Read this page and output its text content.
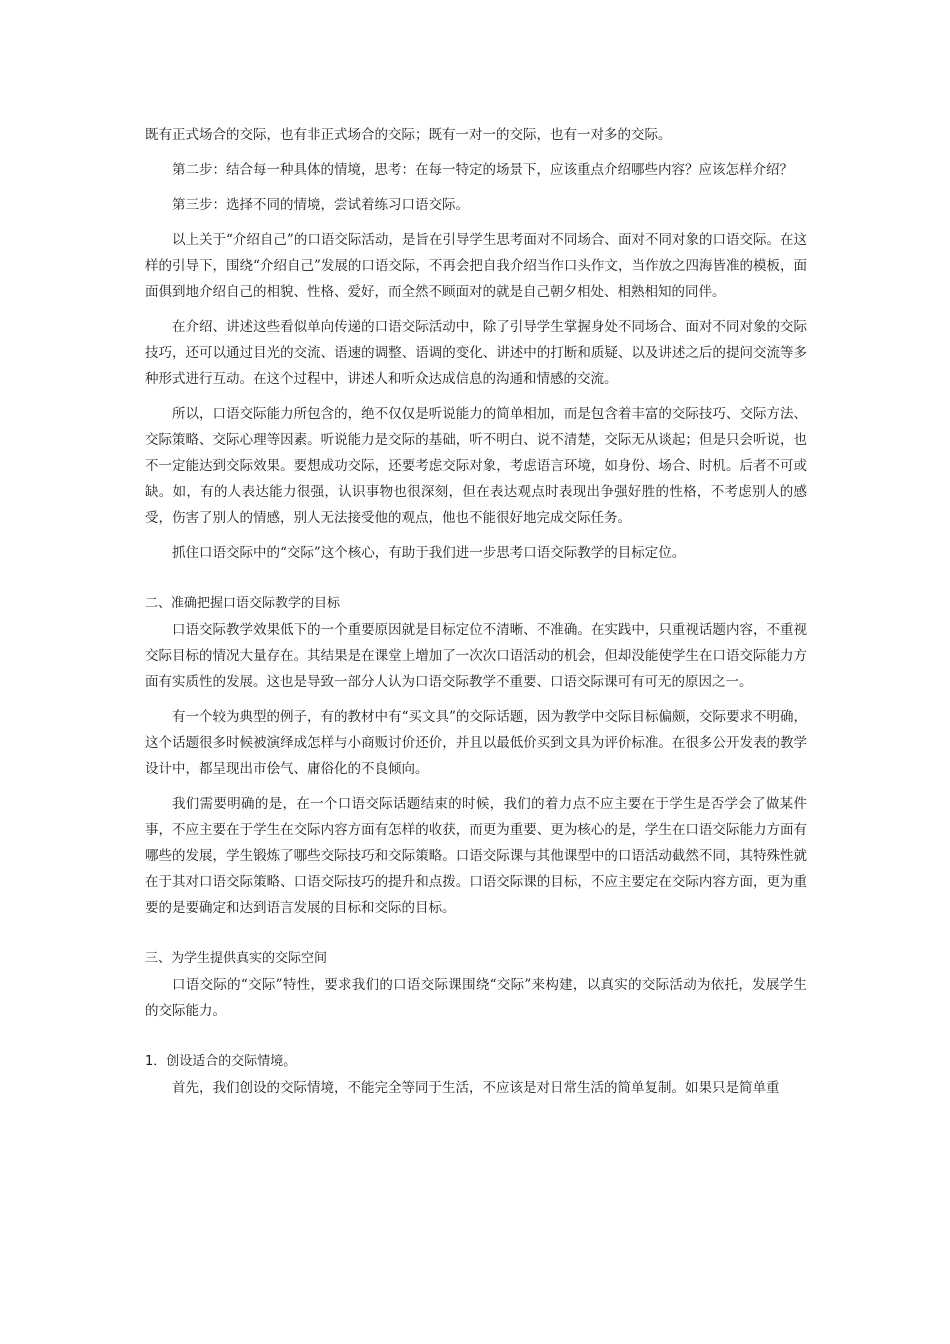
既有正式场合的交际，也有非正式场合的交际；既有一对一的交际，也有一对多的交际。

第二步：结合每一种具体的情境，思考：在每一特定的场景下，应该重点介绍哪些内容？应该怎样介绍？

第三步：选择不同的情境，尝试着练习口语交际。

以上关于“介绍自己”的口语交际活动，是旨在引导学生思考面对不同场合、面对不同对象的口语交际。在这样的引导下，围绕“介绍自己”发展的口语交际，不再会把自我介绍当作口头作文，当作放之四海皆准的模板，面面俱到地介绍自己的相貌、性格、爱好，而全然不顾面对的就是自己朝夕相处、相熟相知的同伴。

在介绍、讲述这些看似单向传递的口语交际活动中，除了引导学生掌握身处不同场合、面对不同对象的交际技巧，还可以通过目光的交流、语速的调整、语调的变化、讲述中的打断和质疑、以及讲述之后的提问交流等多种形式进行互动。在这个过程中，讲述人和听众达成信息的沟通和情感的交流。

所以，口语交际能力所包含的，绝不仅仅是听说能力的简单相加，而是包含着丰富的交际技巧、交际方法、交际策略、交际心理等因素。听说能力是交际的基础，听不明白、说不清楚，交际无从谈起；但是只会听说，也不一定能达到交际效果。要想成功交际，还要考虑交际对象，考虑语言环境，如身份、场合、时机。后者不可或缺。如，有的人表达能力很强，认识事物也很深刻，但在表达观点时表现出争强好胜的性格，不考虑别人的感受，伤害了别人的情感，别人无法接受他的观点，他也不能很好地完成交际任务。

抓住口语交际中的“交际”这个核心，有助于我们进一步思考口语交际教学的目标定位。

二、准确把握口语交际教学的目标

口语交际教学效果低下的一个重要原因就是目标定位不清晰、不准确。在实践中，只重视话题内容，不重视交际目标的情况大量存在。其结果是在课堂上增加了一次次口语活动的机会，但却没能使学生在口语交际能力方面有实质性的发展。这也是导致一部分人认为口语交际教学不重要、口语交际课可有可无的原因之一。

有一个较为典型的例子，有的教材中有“买文具”的交际话题，因为教学中交际目标偏颇，交际要求不明确，这个话题很多时候被演绎成怎样与小商贩讨价还价，并且以最低价买到文具为评价标准。在很多公开发表的教学设计中，都呈现出市侩气、庸俗化的不良倾向。

我们需要明确的是，在一个口语交际话题结束的时候，我们的着力点不应主要在于学生是否学会了做某件事，不应主要在于学生在交际内容方面有怎样的收获，而更为重要、更为核心的是，学生在口语交际能力方面有哪些的发展，学生锻炼了哪些交际技巧和交际策略。口语交际课与其他课型中的口语活动截然不同，其特殊性就在于其对口语交际策略、口语交际技巧的提升和点拨。口语交际课的目标，不应主要定在交际内容方面，更为重要的是要确定和达到语言发展的目标和交际的目标。

三、为学生提供真实的交际空间

口语交际的“交际”特性，要求我们的口语交际课围绕“交际”来构建，以真实的交际活动为依托，发展学生的交际能力。

1．创设适合的交际情境。

首先，我们创设的交际情境，不能完全等同于生活，不应该是对日常生活的简单复制。如果只是简单重
